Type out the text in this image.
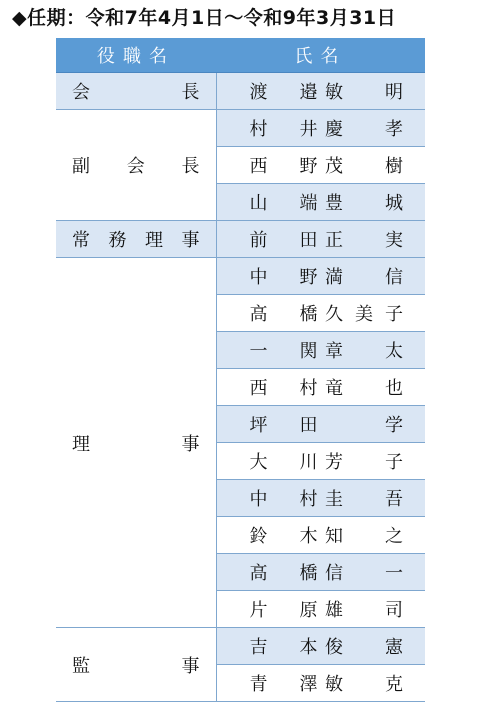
◆任期：令和7年4月1日～令和9年3月31日
役職名	氏名

会 長	渡 邉 敏 明

副 会 長	村 井 慶 孝

	西 野 茂 樹

	山 端 豊 城

常 務 理 事	前 田 正 実

理 事	中 野 満 信

	高 橋 久 美 子

	一 関 章 太

	西 村 竜 也

	坪 田 学

	大 川 芳 子

	中 村 圭 吾

	鈴 木 知 之

	高 橋 信 一

	片 原 雄 司

監 事	吉 本 俊 憲

	青 澤 敏 克
